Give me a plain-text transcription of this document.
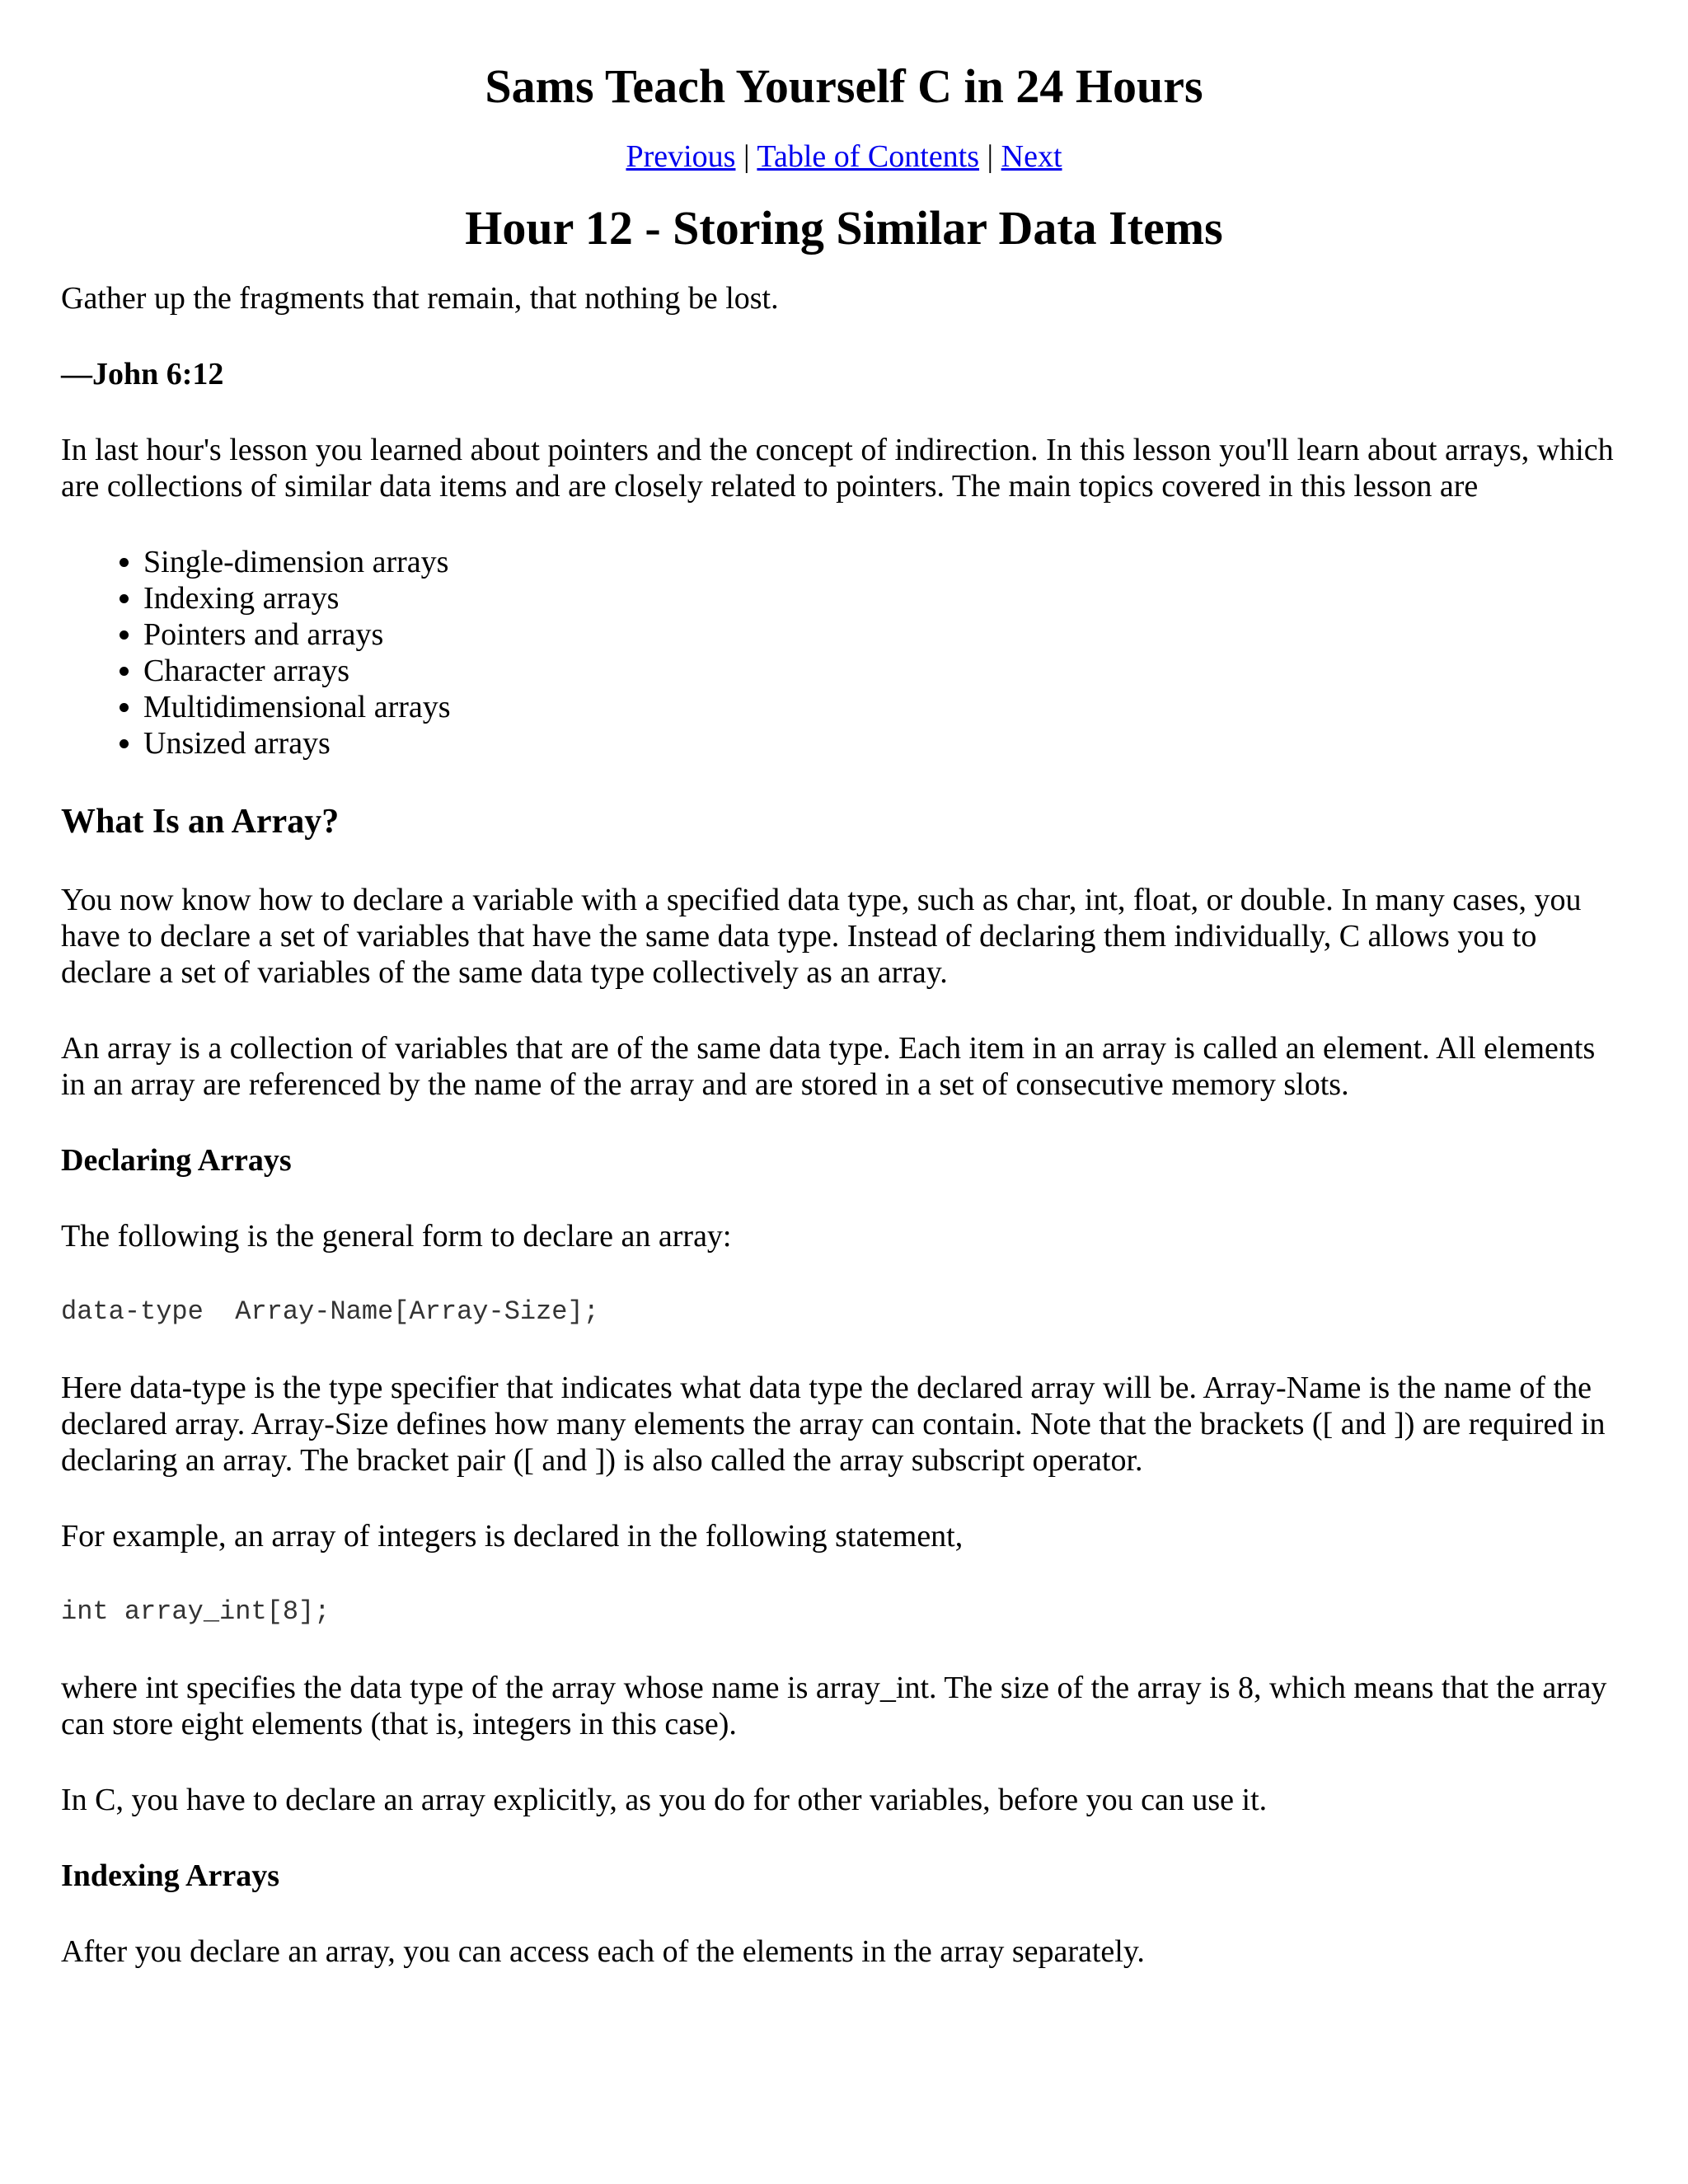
Sams Teach Yourself C in 24 Hours
Previous | Table of Contents | Next
Hour 12 - Storing Similar Data Items

Gather up the fragments that remain, that nothing be lost.

—John 6:12

In last hour's lesson you learned about pointers and the concept of indirection. In this lesson you'll learn about arrays, which are collections of similar data items and are closely related to pointers. The main topics covered in this lesson are

• Single-dimension arrays
• Indexing arrays
• Pointers and arrays
• Character arrays
• Multidimensional arrays
• Unsized arrays
What Is an Array?

You now know how to declare a variable with a specified data type, such as char, int, float, or double. In many cases, you have to declare a set of variables that have the same data type. Instead of declaring them individually, C allows you to declare a set of variables of the same data type collectively as an array.

An array is a collection of variables that are of the same data type. Each item in an array is called an element. All elements in an array are referenced by the name of the array and are stored in a set of consecutive memory slots.

Declaring Arrays

The following is the general form to declare an array:

data-type  Array-Name[Array-Size];

Here data-type is the type specifier that indicates what data type the declared array will be. Array-Name is the name of the declared array. Array-Size defines how many elements the array can contain. Note that the brackets ([ and ]) are required in declaring an array. The bracket pair ([ and ]) is also called the array subscript operator.

For example, an array of integers is declared in the following statement,

int array_int[8];

where int specifies the data type of the array whose name is array_int. The size of the array is 8, which means that the array can store eight elements (that is, integers in this case).

In C, you have to declare an array explicitly, as you do for other variables, before you can use it.

Indexing Arrays

After you declare an array, you can access each of the elements in the array separately.
